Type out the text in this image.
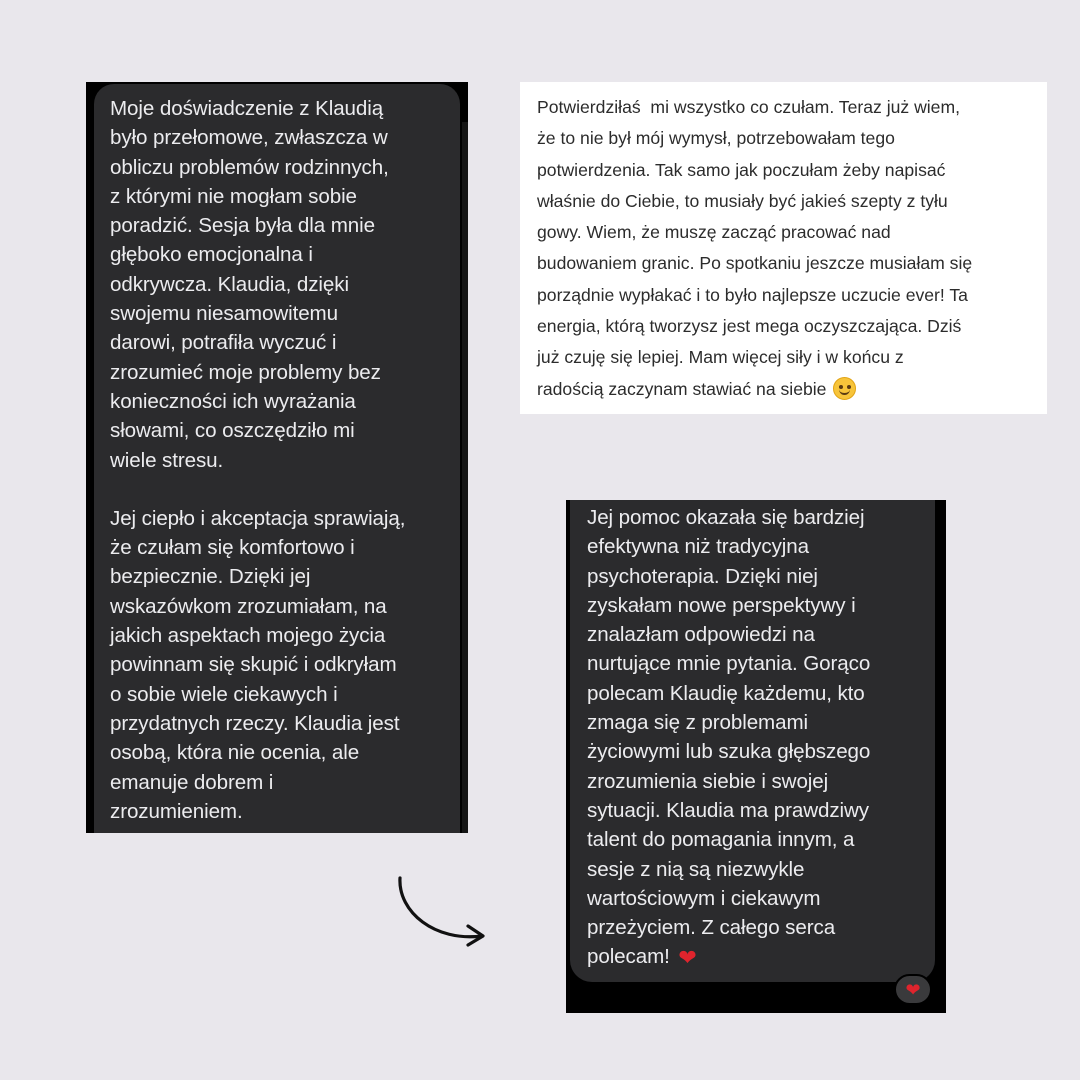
Moje doświadczenie z Klaudią
było przełomowe, zwłaszcza w
obliczu problemów rodzinnych,
z którymi nie mogłam sobie
poradzić. Sesja była dla mnie
głęboko emocjonalna i
odkrywcza. Klaudia, dzięki
swojemu niesamowitemu
darowi, potrafiła wyczuć i
zrozumieć moje problemy bez
konieczności ich wyrażania
słowami, co oszczędziło mi
wiele stresu.
Jej ciepło i akceptacja sprawiają,
że czułam się komfortowo i
bezpiecznie. Dzięki jej
wskazówkom zrozumiałam, na
jakich aspektach mojego życia
powinnam się skupić i odkryłam
o sobie wiele ciekawych i
przydatnych rzeczy. Klaudia jest
osobą, która nie ocenia, ale
emanuje dobrem i
zrozumieniem.
Potwierdziłaś  mi wszystko co czułam. Teraz już wiem,
że to nie był mój wymysł, potrzebowałam tego
potwierdzenia. Tak samo jak poczułam żeby napisać
właśnie do Ciebie, to musiały być jakieś szepty z tyłu
gowy. Wiem, że muszę zacząć pracować nad
budowaniem granic. Po spotkaniu jeszcze musiałam się
porządnie wypłakać i to było najlepsze uczucie ever! Ta
energia, którą tworzysz jest mega oczyszczająca. Dziś
już czuję się lepiej. Mam więcej siły i w końcu z
radością zaczynam stawiać na siebie
Jej pomoc okazała się bardziej
efektywna niż tradycyjna
psychoterapia. Dzięki niej
zyskałam nowe perspektywy i
znalazłam odpowiedzi na
nurtujące mnie pytania. Gorąco
polecam Klaudię każdemu, kto
zmaga się z problemami
życiowymi lub szuka głębszego
zrozumienia siebie i swojej
sytuacji. Klaudia ma prawdziwy
talent do pomagania innym, a
sesje z nią są niezwykle
wartościowym i ciekawym
przeżyciem. Z całego serca
polecam! ❤
❤
